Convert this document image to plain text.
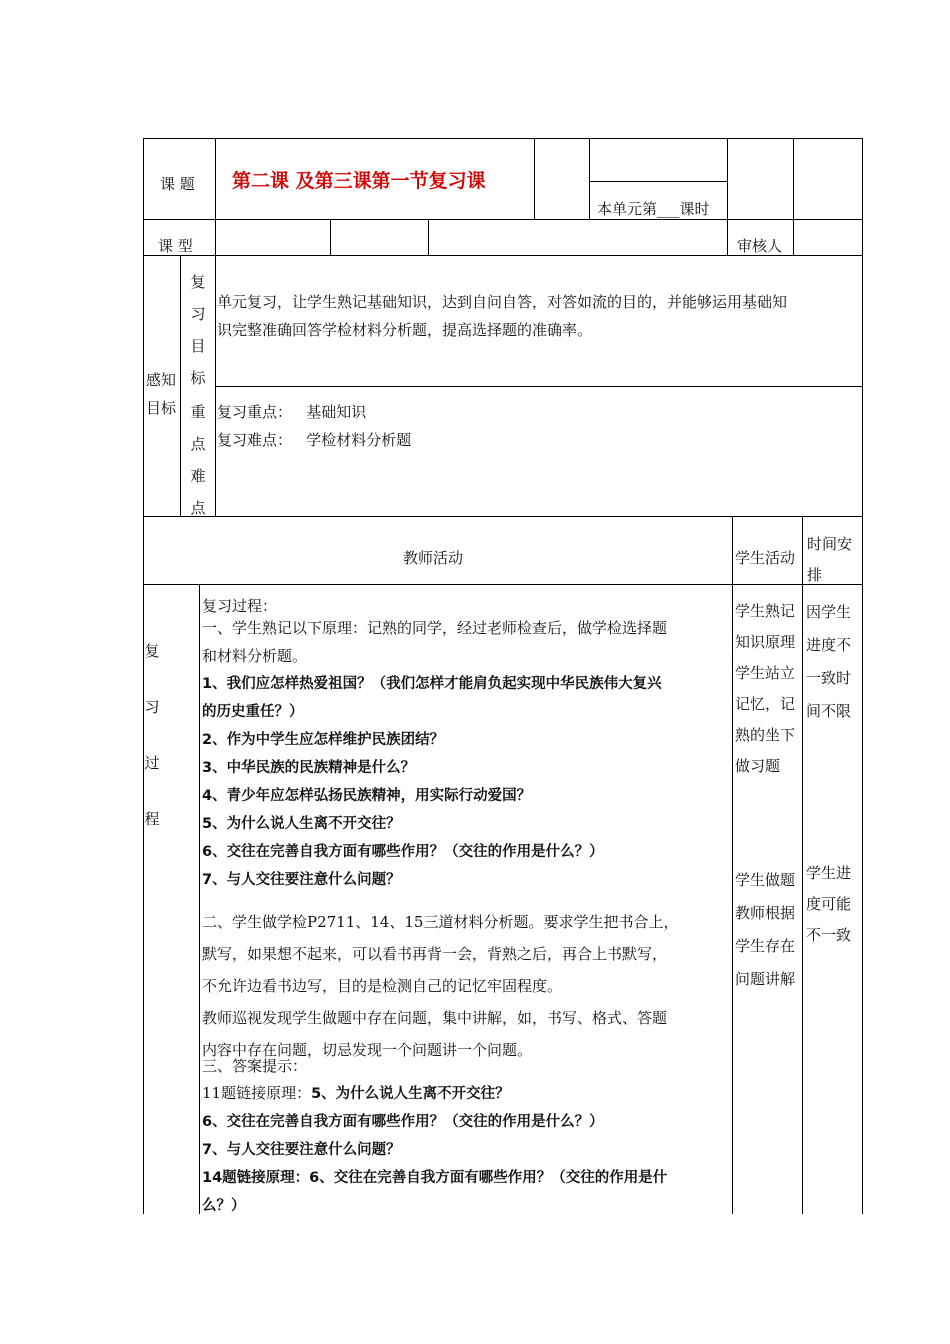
课 题 第二课 及第三课第一节复习课
本单元第___课时
课 型	审核人
感知
目标
复
习
目
标
单元复习，让学生熟记基础知识，达到自问自答，对答如流的目的，并能够运用基础知
识完整准确回答学检材料分析题，提高选择题的准确率。
重
点
难
点
复习重点：   基础知识
复习难点：   学检材料分析题
教师活动	学生活动
时间安
排
复
习
过
程
复习过程：
一、学生熟记以下原理：记熟的同学，经过老师检查后，做学检选择题
和材料分析题。
1、我们应怎样热爱祖国？（我们怎样才能肩负起实现中华民族伟大复兴
的历史重任？）
2、作为中学生应怎样维护民族团结？
3、中华民族的民族精神是什么？
4、青少年应怎样弘扬民族精神，用实际行动爱国？
5、为什么说人生离不开交往？
6、交往在完善自我方面有哪些作用？（交往的作用是什么？）
7、与人交往要注意什么问题？
二、学生做学检P2711、14、15三道材料分析题。要求学生把书合上，
默写，如果想不起来，可以看书再背一会，背熟之后，再合上书默写，
不允许边看书边写，目的是检测自己的记忆牢固程度。
教师巡视发现学生做题中存在问题，集中讲解，如，书写、格式、答题
内容中存在问题，切忌发现一个问题讲一个问题。
三、答案提示：
11题链接原理：5、为什么说人生离不开交往？
6、交往在完善自我方面有哪些作用？（交往的作用是什么？）
7、与人交往要注意什么问题？
14题链接原理：6、交往在完善自我方面有哪些作用？（交往的作用是什
么？）
学生熟记
知识原理
学生站立
记忆，记
熟的坐下
做习题
学生做题
教师根据
学生存在
问题讲解
因学生
进度不
一致时
间不限
学生进
度可能
不一致
